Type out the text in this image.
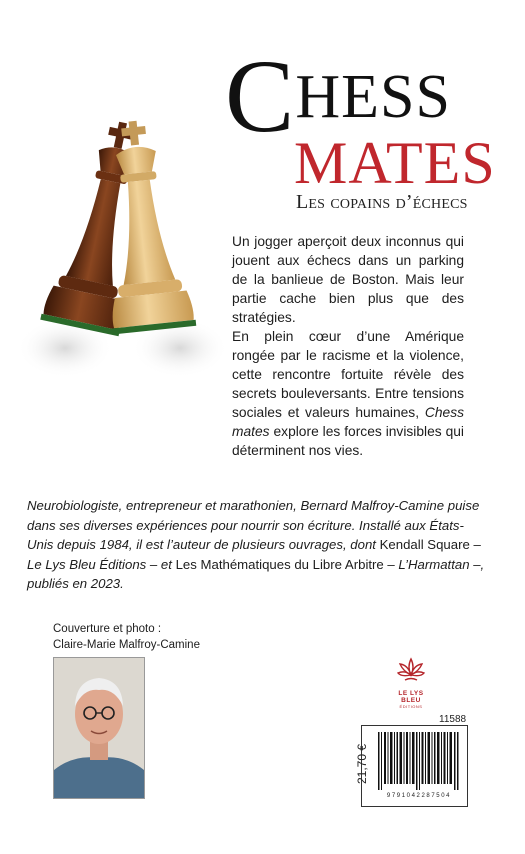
CHESS
MATES
Les copains d’échecs

Un jogger aperçoit deux inconnus qui jouent aux échecs dans un parking de la banlieue de Boston. Mais leur partie cache bien plus que des stratégies.

En plein cœur d’une Amérique rongée par le racisme et la violence, cette rencontre fortuite révèle des secrets bouleversants. Entre tensions sociales et valeurs humaines, Chess mates explore les forces invisibles qui déterminent nos vies.

Neurobiologiste, entrepreneur et marathonien, Bernard Malfroy-Camine puise dans ses diverses expériences pour nourrir son écriture. Installé aux États-Unis depuis 1984, il est l’auteur de plusieurs ouvrages, dont Kendall Square – Le Lys Bleu Éditions – et Les Mathématiques du Libre Arbitre – L’Harmattan –, publiés en 2023.
Couverture et photo :
Claire-Marie Malfroy-Camine
LE LYS BLEU
ÉDITIONS
11588
21,70 €
9791042287504
